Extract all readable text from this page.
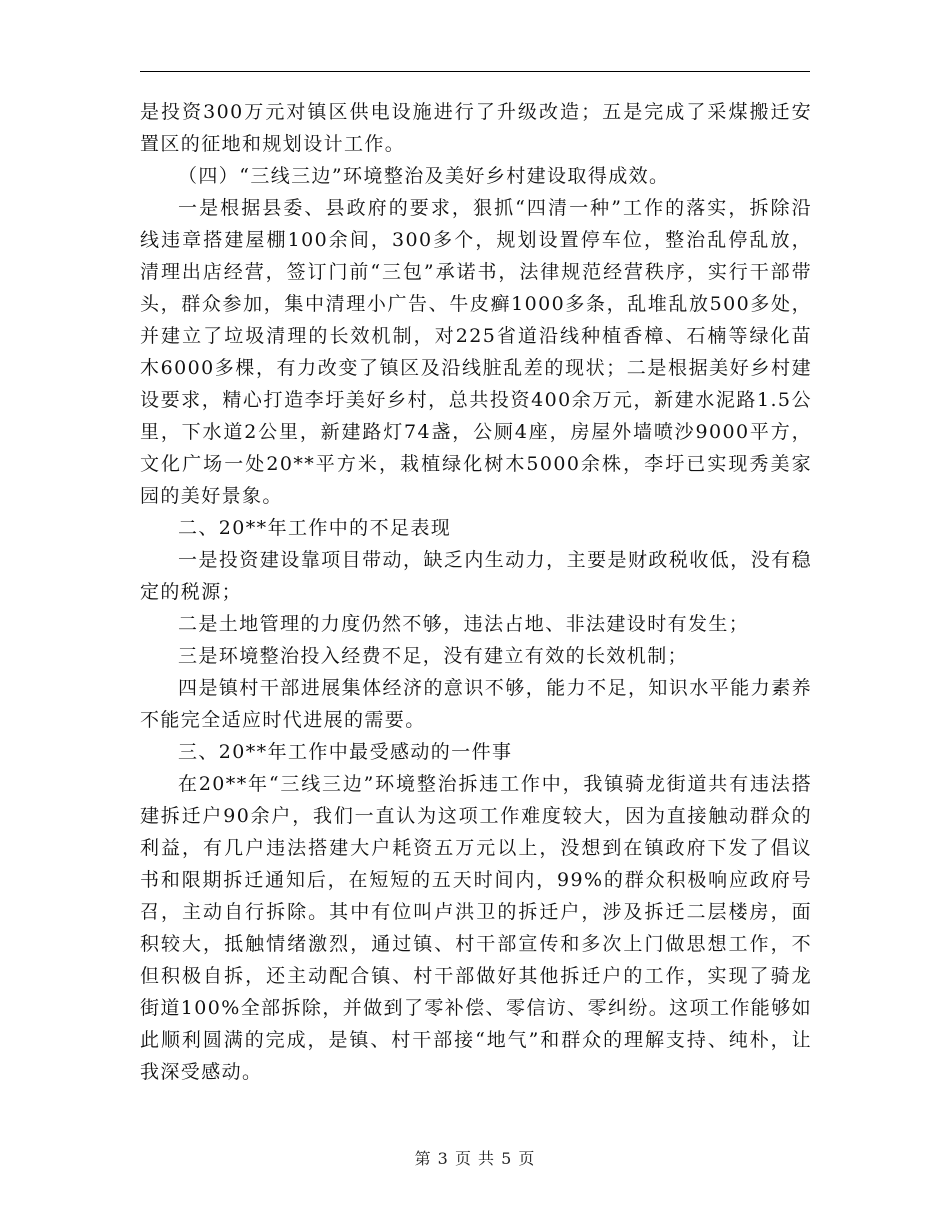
是投资300万元对镇区供电设施进行了升级改造；五是完成了采煤搬迁安置区的征地和规划设计工作。

（四）“三线三边”环境整治及美好乡村建设取得成效。

一是根据县委、县政府的要求，狠抓“四清一种”工作的落实，拆除沿线违章搭建屋棚100余间，300多个，规划设置停车位，整治乱停乱放，清理出店经营，签订门前“三包”承诺书，法律规范经营秩序，实行干部带头，群众参加，集中清理小广告、牛皮癣1000多条，乱堆乱放500多处，并建立了垃圾清理的长效机制，对225省道沿线种植香樟、石楠等绿化苗木6000多棵，有力改变了镇区及沿线脏乱差的现状；二是根据美好乡村建设要求，精心打造李圩美好乡村，总共投资400余万元，新建水泥路1.5公里，下水道2公里，新建路灯74盏，公厕4座，房屋外墙喷沙9000平方，文化广场一处20**平方米，栽植绿化树木5000余株，李圩已实现秀美家园的美好景象。

二、20**年工作中的不足表现

一是投资建设靠项目带动，缺乏内生动力，主要是财政税收低，没有稳定的税源；

二是土地管理的力度仍然不够，违法占地、非法建设时有发生；

三是环境整治投入经费不足，没有建立有效的长效机制；

四是镇村干部进展集体经济的意识不够，能力不足，知识水平能力素养不能完全适应时代进展的需要。

三、20**年工作中最受感动的一件事

在20**年“三线三边”环境整治拆违工作中，我镇骑龙街道共有违法搭建拆迁户90余户，我们一直认为这项工作难度较大，因为直接触动群众的利益，有几户违法搭建大户耗资五万元以上，没想到在镇政府下发了倡议书和限期拆迁通知后，在短短的五天时间内，99%的群众积极响应政府号召，主动自行拆除。其中有位叫卢洪卫的拆迁户，涉及拆迁二层楼房，面积较大，抵触情绪激烈，通过镇、村干部宣传和多次上门做思想工作，不但积极自拆，还主动配合镇、村干部做好其他拆迁户的工作，实现了骑龙街道100%全部拆除，并做到了零补偿、零信访、零纠纷。这项工作能够如此顺利圆满的完成，是镇、村干部接“地气”和群众的理解支持、纯朴，让我深受感动。

第 3 页 共 5 页
